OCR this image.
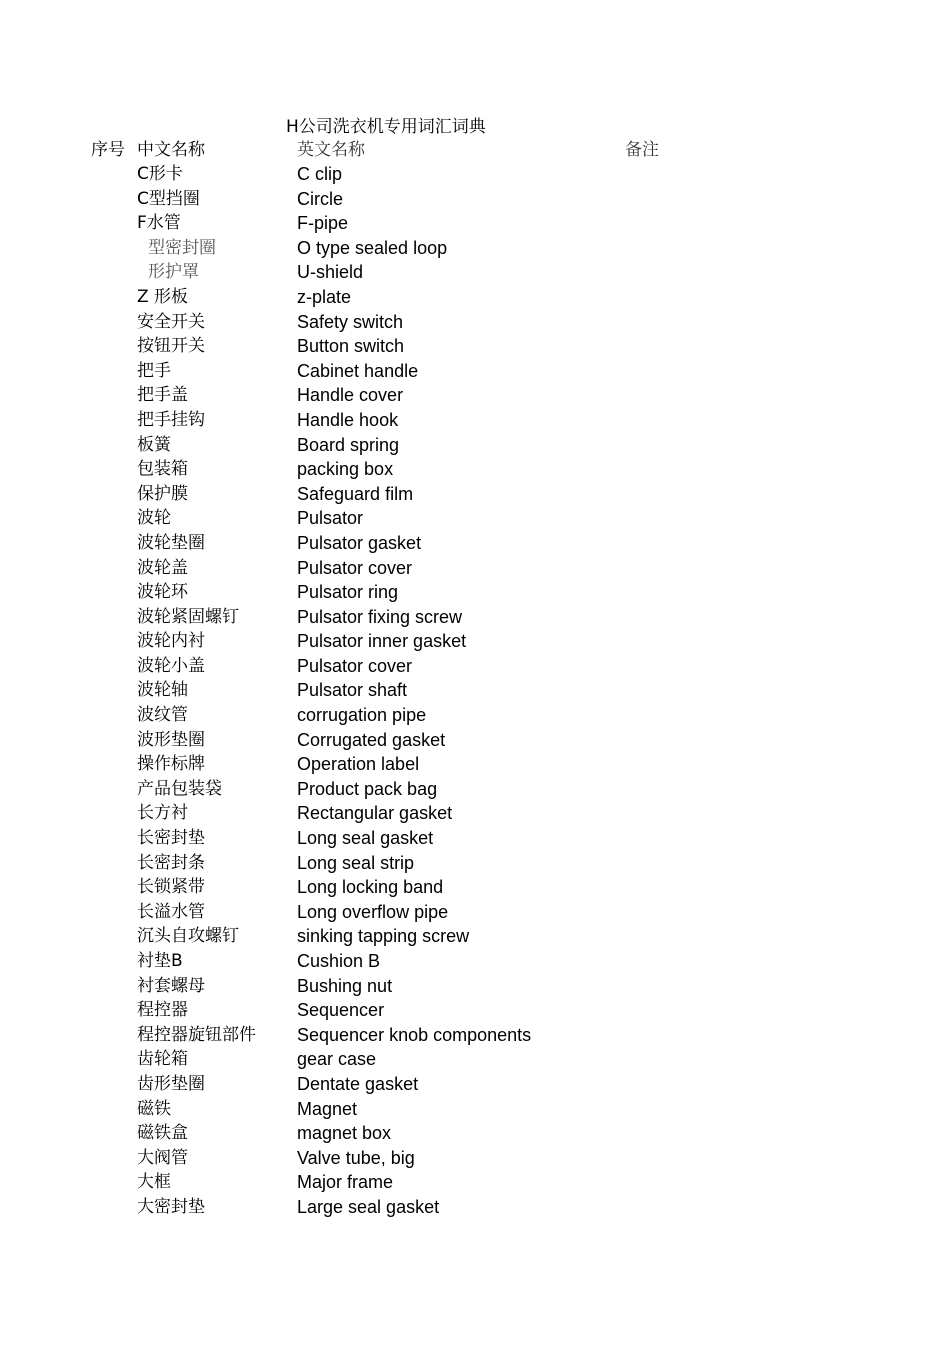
H公司洗衣机专用词汇词典
序号 中文名称	英文名称	备注
C形卡	C clip
C型挡圈	Circle
F水管	F-pipe
型密封圈	O type sealed loop
形护罩	U-shield
Z 形板	z-plate
安全开关	Safety switch
按钮开关	Button switch
把手	Cabinet handle
把手盖	Handle cover
把手挂钩	Handle hook
板簧	Board spring
包装箱	packing box
保护膜	Safeguard film
波轮	Pulsator
波轮垫圈	Pulsator gasket
波轮盖	Pulsator cover
波轮环	Pulsator ring
波轮紧固螺钉	Pulsator fixing screw
波轮内衬	Pulsator inner gasket
波轮小盖	Pulsator cover
波轮轴	Pulsator shaft
波纹管	corrugation pipe
波形垫圈	Corrugated gasket
操作标牌	Operation label
产品包装袋	Product pack bag
长方衬	Rectangular gasket
长密封垫	Long seal gasket
长密封条	Long seal strip
长锁紧带	Long locking band
长溢水管	Long overflow pipe
沉头自攻螺钉	sinking tapping screw
衬垫B	Cushion B
衬套螺母	Bushing nut
程控器	Sequencer
程控器旋钮部件 Sequencer knob components
齿轮箱	gear case
齿形垫圈	Dentate gasket
磁铁	Magnet
磁铁盒	magnet box
大阀管	Valve tube, big
大框	Major frame
大密封垫	Large seal gasket
